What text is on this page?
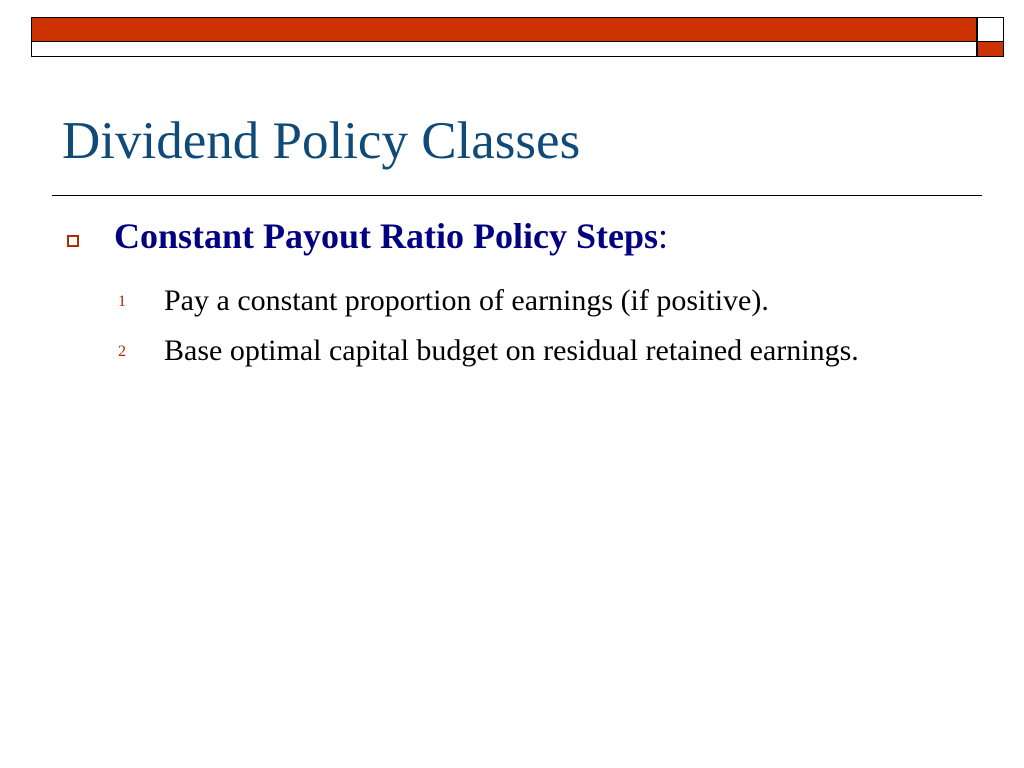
Dividend Policy Classes
Constant Payout Ratio Policy Steps:
1 Pay a constant proportion of earnings (if positive).
2 Base optimal capital budget on residual retained earnings.
